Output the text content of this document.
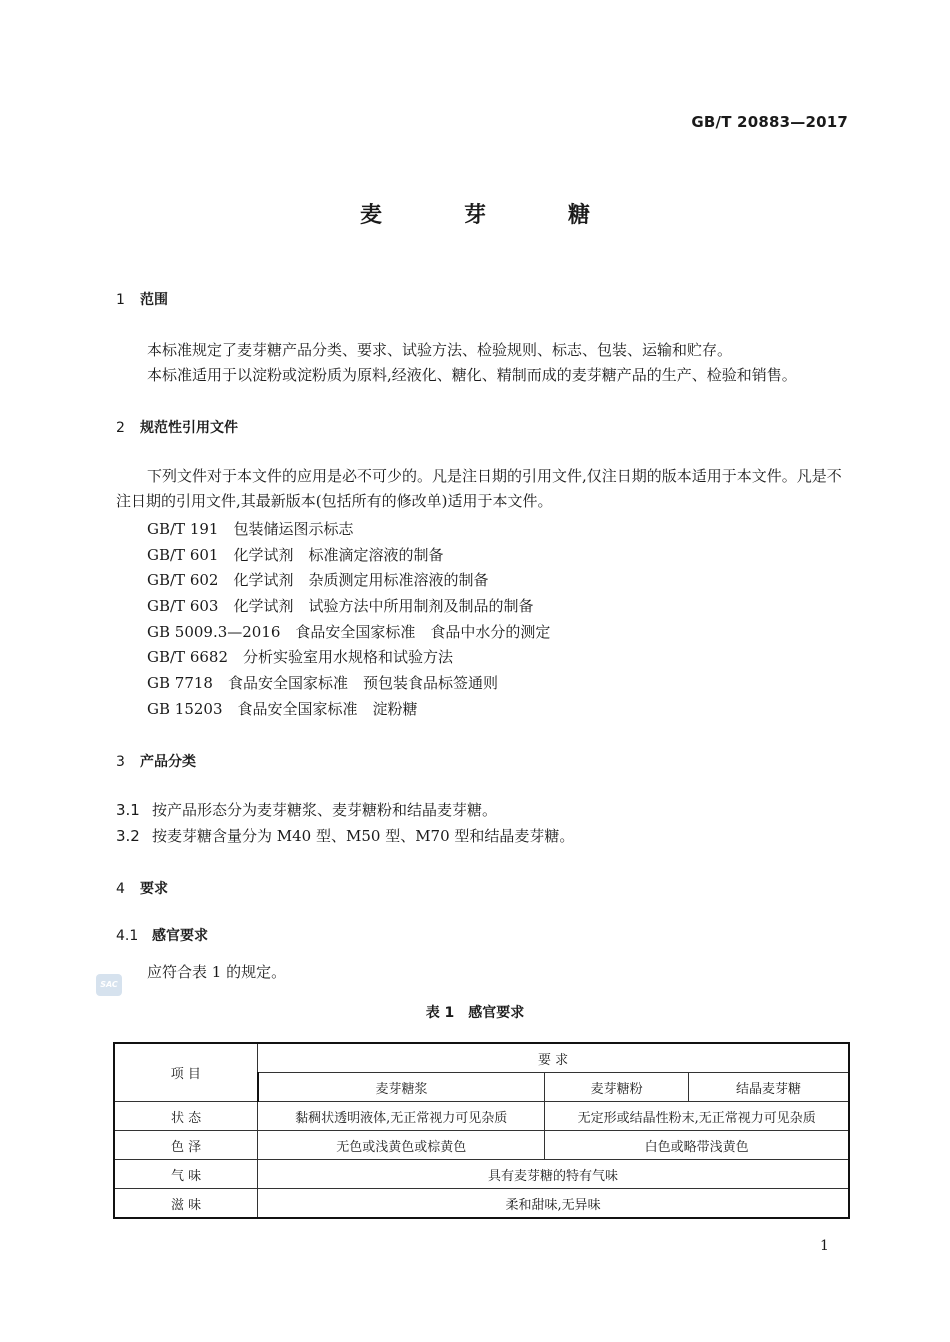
GB/T 20883—2017
麦　芽　糖
1 范围
本标准规定了麦芽糖产品分类、要求、试验方法、检验规则、标志、包装、运输和贮存。
本标准适用于以淀粉或淀粉质为原料,经液化、糖化、精制而成的麦芽糖产品的生产、检验和销售。
2 规范性引用文件
下列文件对于本文件的应用是必不可少的。凡是注日期的引用文件,仅注日期的版本适用于本文件。凡是不注日期的引用文件,其最新版本(包括所有的修改单)适用于本文件。
GB/T 191　包装储运图示标志
GB/T 601　化学试剂　标准滴定溶液的制备
GB/T 602　化学试剂　杂质测定用标准溶液的制备
GB/T 603　化学试剂　试验方法中所用制剂及制品的制备
GB 5009.3—2016　食品安全国家标准　食品中水分的测定
GB/T 6682　分析实验室用水规格和试验方法
GB 7718　食品安全国家标准　预包装食品标签通则
GB 15203　食品安全国家标准　淀粉糖
3 产品分类
3.1 按产品形态分为麦芽糖浆、麦芽糖粉和结晶麦芽糖。
3.2 按麦芽糖含量分为 M40 型、M50 型、M70 型和结晶麦芽糖。
4 要求
4.1 感官要求
应符合表 1 的规定。
SAC
表 1　感官要求
项 目	要 求		
	麦芽糖浆	麦芽糖粉	结晶麦芽糖
状 态	黏稠状透明液体,无正常视力可见杂质	无定形或结晶性粉末,无正常视力可见杂质	
色 泽	无色或浅黄色或棕黄色	白色或略带浅黄色	
气 味	具有麦芽糖的特有气味		
滋 味	柔和甜味,无异味		
1
